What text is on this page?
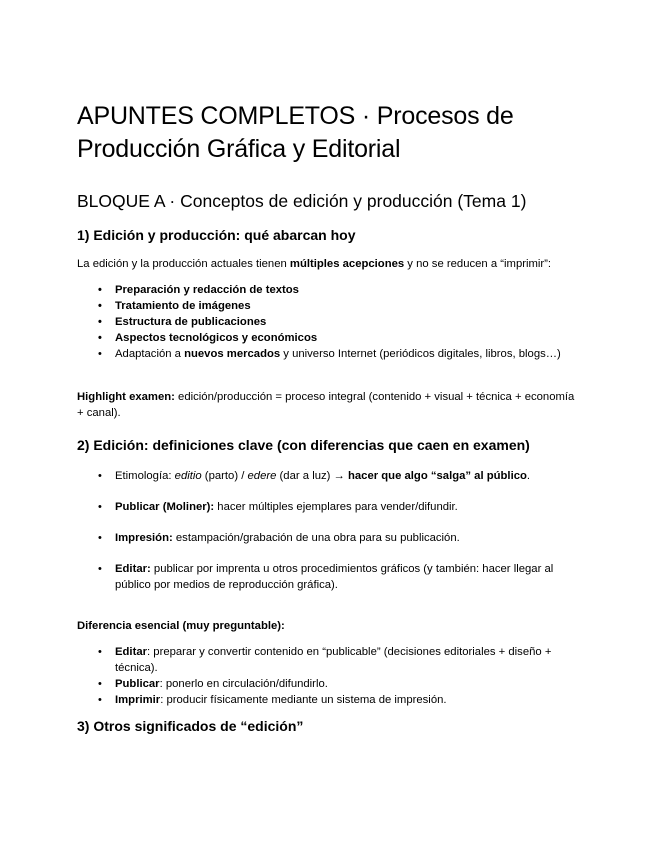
APUNTES COMPLETOS · Procesos de Producción Gráfica y Editorial
BLOQUE A · Conceptos de edición y producción (Tema 1)
1) Edición y producción: qué abarcan hoy

La edición y la producción actuales tienen múltiples acepciones y no se reducen a “imprimir”:

• Preparación y redacción de textos
• Tratamiento de imágenes
• Estructura de publicaciones
• Aspectos tecnológicos y económicos
• Adaptación a nuevos mercados y universo Internet (periódicos digitales, libros, blogs…)

Highlight examen: edición/producción = proceso integral (contenido + visual + técnica + economía + canal).

2) Edición: definiciones clave (con diferencias que caen en examen)
• Etimología: editio (parto) / edere (dar a luz) → hacer que algo “salga” al público.
• Publicar (Moliner): hacer múltiples ejemplares para vender/difundir.
• Impresión: estampación/grabación de una obra para su publicación.
• Editar: publicar por imprenta u otros procedimientos gráficos (y también: hacer llegar al público por medios de reproducción gráfica).

Diferencia esencial (muy preguntable):

• Editar: preparar y convertir contenido en “publicable” (decisiones editoriales + diseño + técnica).
• Publicar: ponerlo en circulación/difundirlo.
• Imprimir: producir físicamente mediante un sistema de impresión.
3) Otros significados de “edición”
